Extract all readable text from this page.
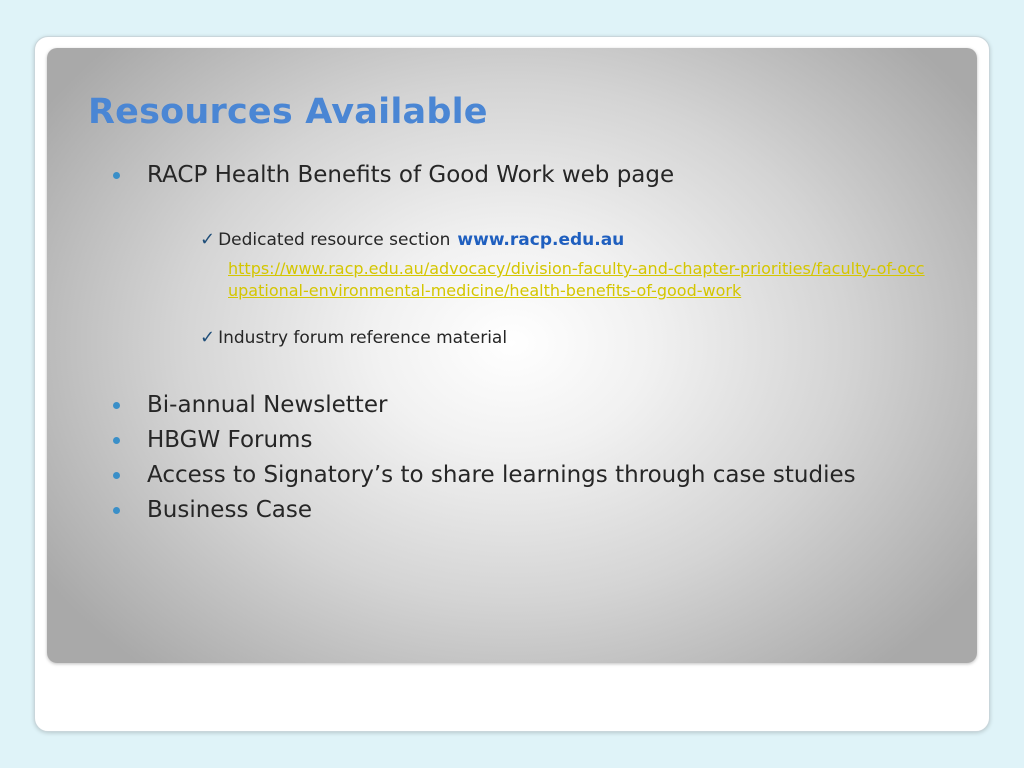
Resources Available
RACP Health Benefits of Good Work web page
✓ Dedicated resource section www.racp.edu.au
https://www.racp.edu.au/advocacy/division-faculty-and-chapter-priorities/faculty-of-occupational-environmental-medicine/health-benefits-of-good-work
✓ Industry forum reference material
Bi-annual Newsletter
HBGW Forums
Access to Signatory’s to share learnings through case studies
Business Case
